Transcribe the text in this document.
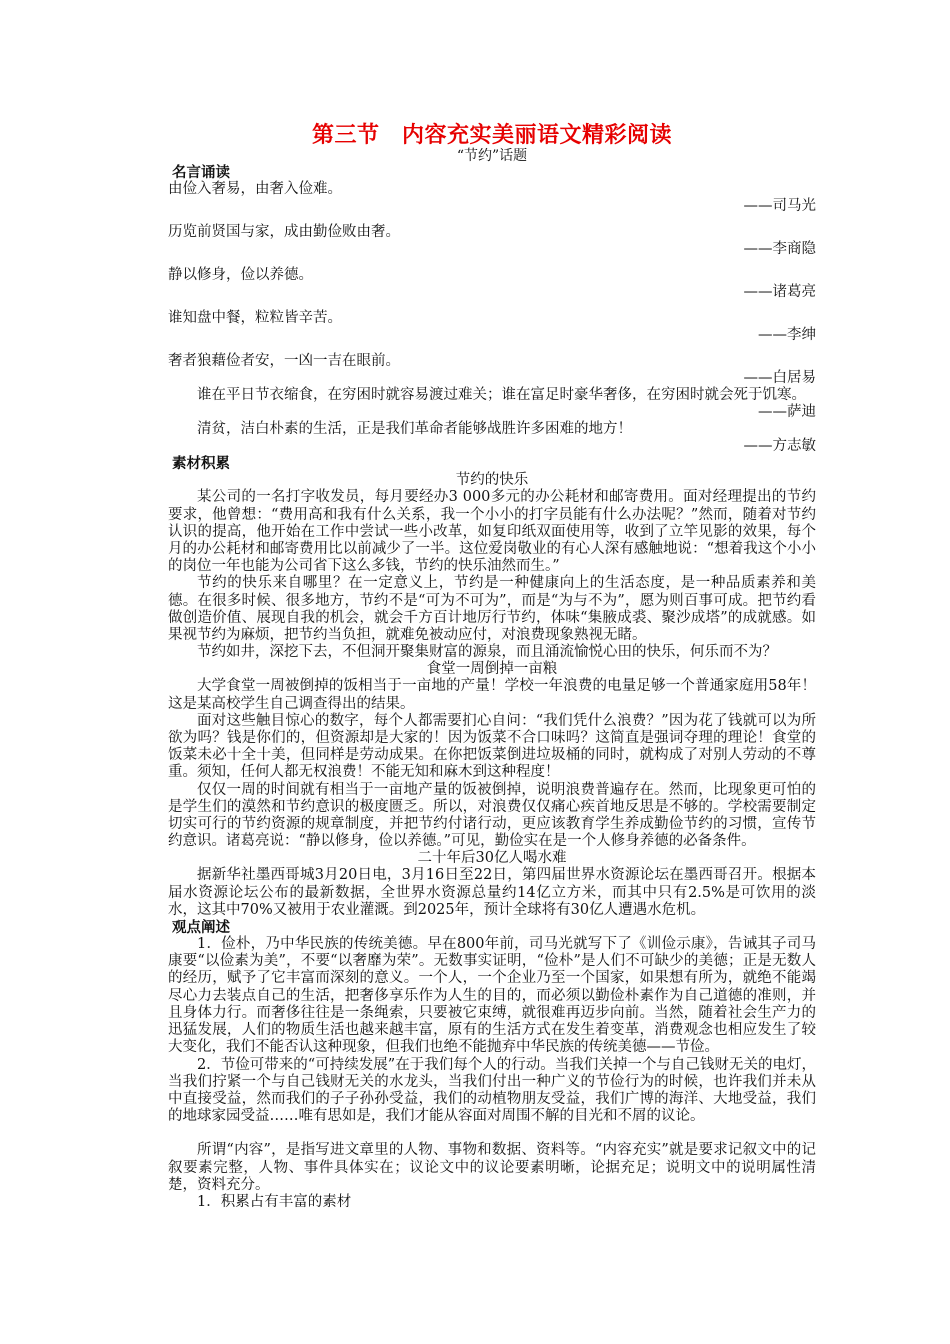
第三节　内容充实美丽语文精彩阅读

“节约”话题

名言诵读

由俭入奢易，由奢入俭难。

——司马光

历览前贤国与家，成由勤俭败由奢。

——李商隐

静以修身，俭以养德。

——诸葛亮

谁知盘中餐，粒粒皆辛苦。

——李绅

奢者狼藉俭者安，一凶一吉在眼前。

——白居易

谁在平日节衣缩食，在穷困时就容易渡过难关；谁在富足时豪华奢侈，在穷困时就会死于饥寒。

——萨迪

清贫，洁白朴素的生活，正是我们革命者能够战胜许多困难的地方！

——方志敏

素材积累

节约的快乐

某公司的一名打字收发员，每月要经办3 000多元的办公耗材和邮寄费用。面对经理提出的节约要求，他曾想：“费用高和我有什么关系，我一个小小的打字员能有什么办法呢？”然而，随着对节约认识的提高，他开始在工作中尝试一些小改革，如复印纸双面使用等，收到了立竿见影的效果，每个月的办公耗材和邮寄费用比以前减少了一半。这位爱岗敬业的有心人深有感触地说：“想着我这个小小的岗位一年也能为公司省下这么多钱，节约的快乐油然而生。”

节约的快乐来自哪里？在一定意义上，节约是一种健康向上的生活态度，是一种品质素养和美德。在很多时候、很多地方，节约不是“可为不可为”，而是“为与不为”，愿为则百事可成。把节约看做创造价值、展现自我的机会，就会千方百计地厉行节约，体味“集腋成裘、聚沙成塔”的成就感。如果视节约为麻烦，把节约当负担，就难免被动应付，对浪费现象熟视无睹。

节约如井，深挖下去，不但洞开聚集财富的源泉，而且涌流愉悦心田的快乐，何乐而不为？

食堂一周倒掉一亩粮

大学食堂一周被倒掉的饭相当于一亩地的产量！学校一年浪费的电量足够一个普通家庭用58年！这是某高校学生自己调查得出的结果。

面对这些触目惊心的数字，每个人都需要扪心自问：“我们凭什么浪费？”因为花了钱就可以为所欲为吗？钱是你们的，但资源却是大家的！因为饭菜不合口味吗？这简直是强词夺理的理论！食堂的饭菜未必十全十美，但同样是劳动成果。在你把饭菜倒进垃圾桶的同时，就构成了对别人劳动的不尊重。须知，任何人都无权浪费！不能无知和麻木到这种程度！

仅仅一周的时间就有相当于一亩地产量的饭被倒掉，说明浪费普遍存在。然而，比现象更可怕的是学生们的漠然和节约意识的极度匮乏。所以，对浪费仅仅痛心疾首地反思是不够的。学校需要制定切实可行的节约资源的规章制度，并把节约付诸行动，更应该教育学生养成勤俭节约的习惯，宣传节约意识。诸葛亮说：“静以修身，俭以养德。”可见，勤俭实在是一个人修身养德的必备条件。

二十年后30亿人喝水难

据新华社墨西哥城3月20日电，3月16日至22日，第四届世界水资源论坛在墨西哥召开。根据本届水资源论坛公布的最新数据，全世界水资源总量约14亿立方米，而其中只有2.5%是可饮用的淡水，这其中70%又被用于农业灌溉。到2025年，预计全球将有30亿人遭遇水危机。

观点阐述

1．俭朴，乃中华民族的传统美德。早在800年前，司马光就写下了《训俭示康》，告诫其子司马康要“以俭素为美”，不要“以奢靡为荣”。无数事实证明，“俭朴”是人们不可缺少的美德；正是无数人的经历，赋予了它丰富而深刻的意义。一个人，一个企业乃至一个国家，如果想有所为，就绝不能竭尽心力去装点自己的生活，把奢侈享乐作为人生的目的，而必须以勤俭朴素作为自己道德的准则，并且身体力行。而奢侈往往是一条绳索，只要被它束缚，就很难再迈步向前。当然，随着社会生产力的迅猛发展，人们的物质生活也越来越丰富，原有的生活方式在发生着变革，消费观念也相应发生了较大变化，我们不能否认这种现象，但我们也绝不能抛弃中华民族的传统美德——节俭。

2．节俭可带来的“可持续发展”在于我们每个人的行动。当我们关掉一个与自己钱财无关的电灯，当我们拧紧一个与自己钱财无关的水龙头，当我们付出一种广义的节俭行为的时候，也许我们并未从中直接受益，然而我们的子子孙孙受益，我们的动植物朋友受益，我们广博的海洋、大地受益，我们的地球家园受益……唯有思如是，我们才能从容面对周围不解的目光和不屑的议论。

所谓“内容”，是指写进文章里的人物、事物和数据、资料等。“内容充实”就是要求记叙文中的记叙要素完整，人物、事件具体实在；议论文中的议论要素明晰，论据充足；说明文中的说明属性清楚，资料充分。

1．积累占有丰富的素材
